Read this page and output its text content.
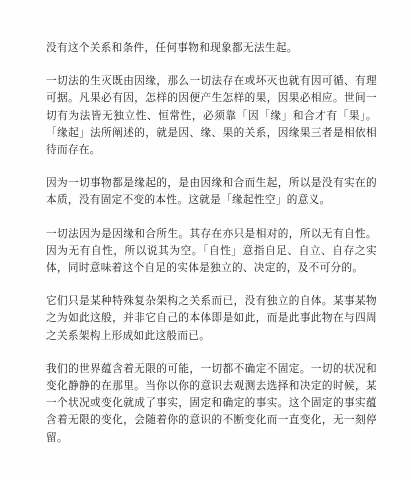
没有这个关系和条件，任何事物和现象都无法生起。

一切法的生灭既由因缘，那么一切法存在或坏灭也就有因可循、有理可据。凡果必有因，怎样的因便产生怎样的果，因果必相应。世间一切有为法皆无独立性、恒常性，必须靠「因「缘」和合才有「果」。「缘起」法所阐述的，就是因、缘、果的关系，因缘果三者是相依相待而存在。

因为一切事物都是缘起的，是由因缘和合而生起，所以是没有实在的本质，没有固定不变的本性。这就是「缘起性空」的意义。

一切法因为是因缘和合所生。其存在亦只是相对的，所以无有自性。因为无有自性，所以说其为空。「自性」意指自足、自立、自存之实体，同时意味着这个自足的实体是独立的、决定的，及不可分的。

它们只是某种特殊复杂架构之关系而已，没有独立的自体。某事某物之为如此这般，并非它自己的本体即是如此，而是此事此物在与四周之关系架构上形成如此这般而已。

我们的世界蕴含着无限的可能，一切都不确定不固定。一切的状况和变化静静的在那里。当你以你的意识去观测去选择和决定的时候，某一个状况或变化就成了事实，固定和确定的事实。这个固定的事实蕴含着无限的变化，会随着你的意识的不断变化而一直变化，无一刻停留。
